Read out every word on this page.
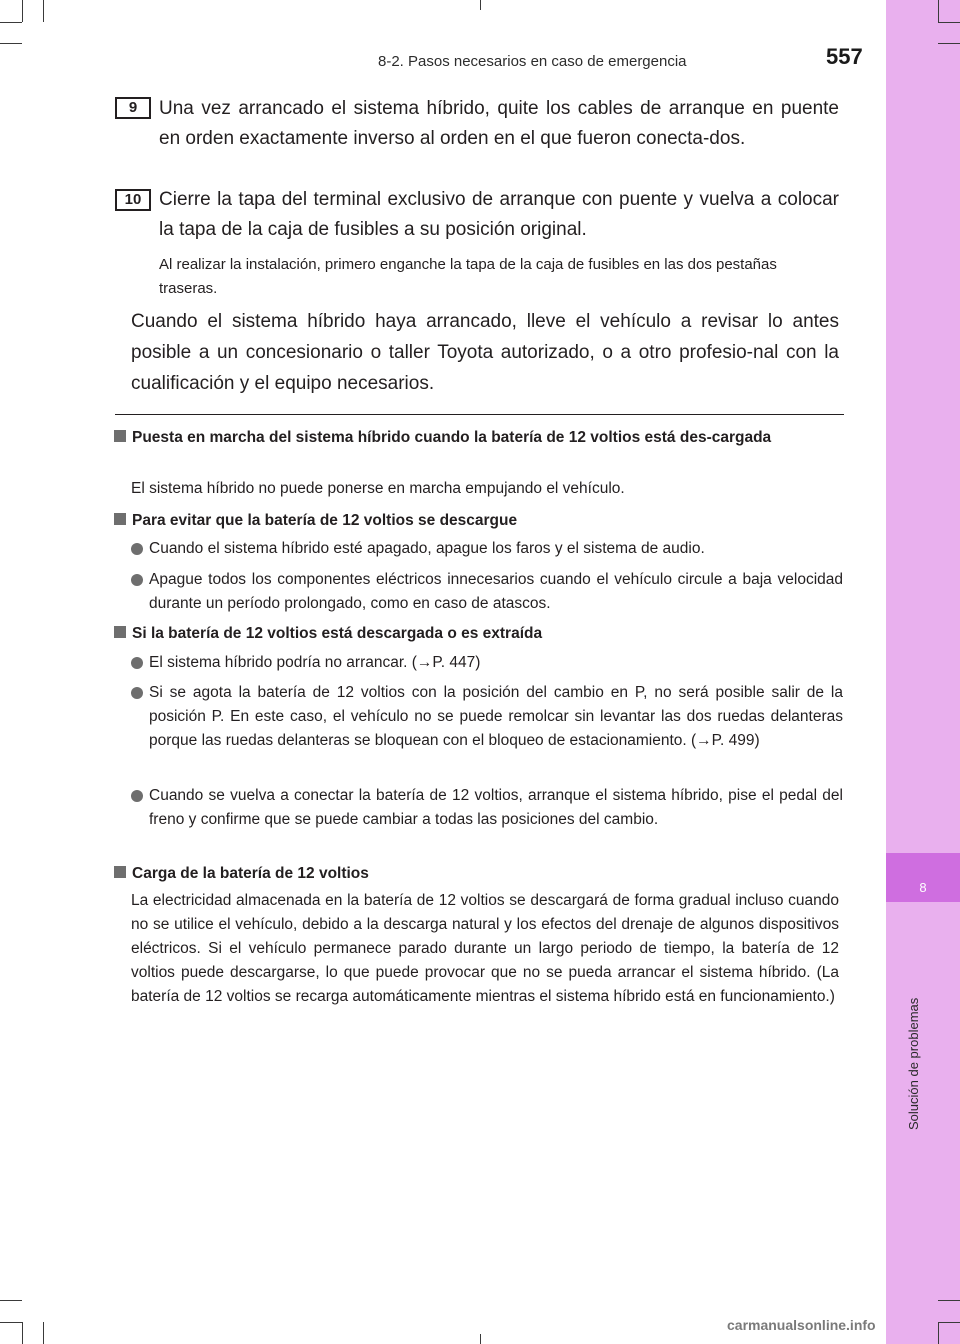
8
Solución de problemas
8-2. Pasos necesarios en caso de emergencia	557
9	Una vez arrancado el sistema híbrido, quite los cables de arranque en puente en orden exactamente inverso al orden en el que fueron conecta-dos.
10 Cierre la tapa del terminal exclusivo de arranque con puente y vuelva a colocar la tapa de la caja de fusibles a su posición original.
Al realizar la instalación, primero enganche la tapa de la caja de fusibles en las dos pestañas traseras.
Cuando el sistema híbrido haya arrancado, lleve el vehículo a revisar lo antes posible a un concesionario o taller Toyota autorizado, o a otro profesio-nal con la cualificación y el equipo necesarios.
Puesta en marcha del sistema híbrido cuando la batería de 12 voltios está des-cargada
El sistema híbrido no puede ponerse en marcha empujando el vehículo.
Para evitar que la batería de 12 voltios se descargue
Cuando el sistema híbrido esté apagado, apague los faros y el sistema de audio.
Apague todos los componentes eléctricos innecesarios cuando el vehículo circule a baja velocidad durante un período prolongado, como en caso de atascos.
Si la batería de 12 voltios está descargada o es extraída
El sistema híbrido podría no arrancar. (→P. 447)
Si se agota la batería de 12 voltios con la posición del cambio en P, no será posible salir de la posición P. En este caso, el vehículo no se puede remolcar sin levantar las dos ruedas delanteras porque las ruedas delanteras se bloquean con el bloqueo de estacionamiento. (→P. 499)
Cuando se vuelva a conectar la batería de 12 voltios, arranque el sistema híbrido, pise el pedal del freno y confirme que se puede cambiar a todas las posiciones del cambio.
Carga de la batería de 12 voltios
La electricidad almacenada en la batería de 12 voltios se descargará de forma gradual incluso cuando no se utilice el vehículo, debido a la descarga natural y los efectos del drenaje de algunos dispositivos eléctricos. Si el vehículo permanece parado durante un largo periodo de tiempo, la batería de 12 voltios puede descargarse, lo que puede provocar que no se pueda arrancar el sistema híbrido. (La batería de 12 voltios se recarga automáticamente mientras el sistema híbrido está en funcionamiento.)
carmanualsonline.info
